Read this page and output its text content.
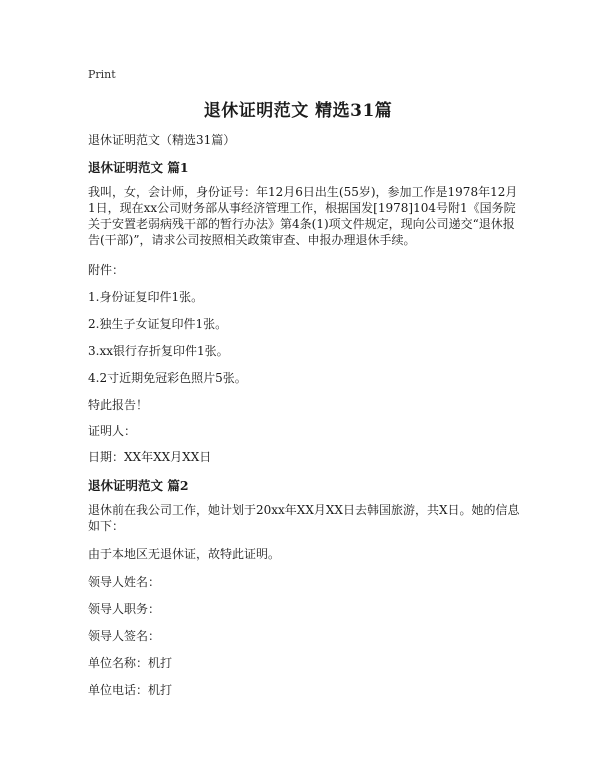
Print
退休证明范文 精选31篇
退休证明范文（精选31篇）
退休证明范文 篇1
我叫，女，会计师，身份证号：年12月6日出生(55岁)，参加工作是1978年12月1日，现在xx公司财务部从事经济管理工作，根据国发[1978]104号附1《国务院关于安置老弱病残干部的暂行办法》第4条(1)项文件规定，现向公司递交“退休报告(干部)”，请求公司按照相关政策审查、申报办理退休手续。
附件：
1.身份证复印件1张。
2.独生子女证复印件1张。
3.xx银行存折复印件1张。
4.2寸近期免冠彩色照片5张。
特此报告！
证明人：
日期：XX年XX月XX日
退休证明范文 篇2
退休前在我公司工作，她计划于20xx年XX月XX日去韩国旅游，共X日。她的信息如下：
由于本地区无退休证，故特此证明。
领导人姓名：
领导人职务：
领导人签名：
单位名称：机打
单位电话：机打
